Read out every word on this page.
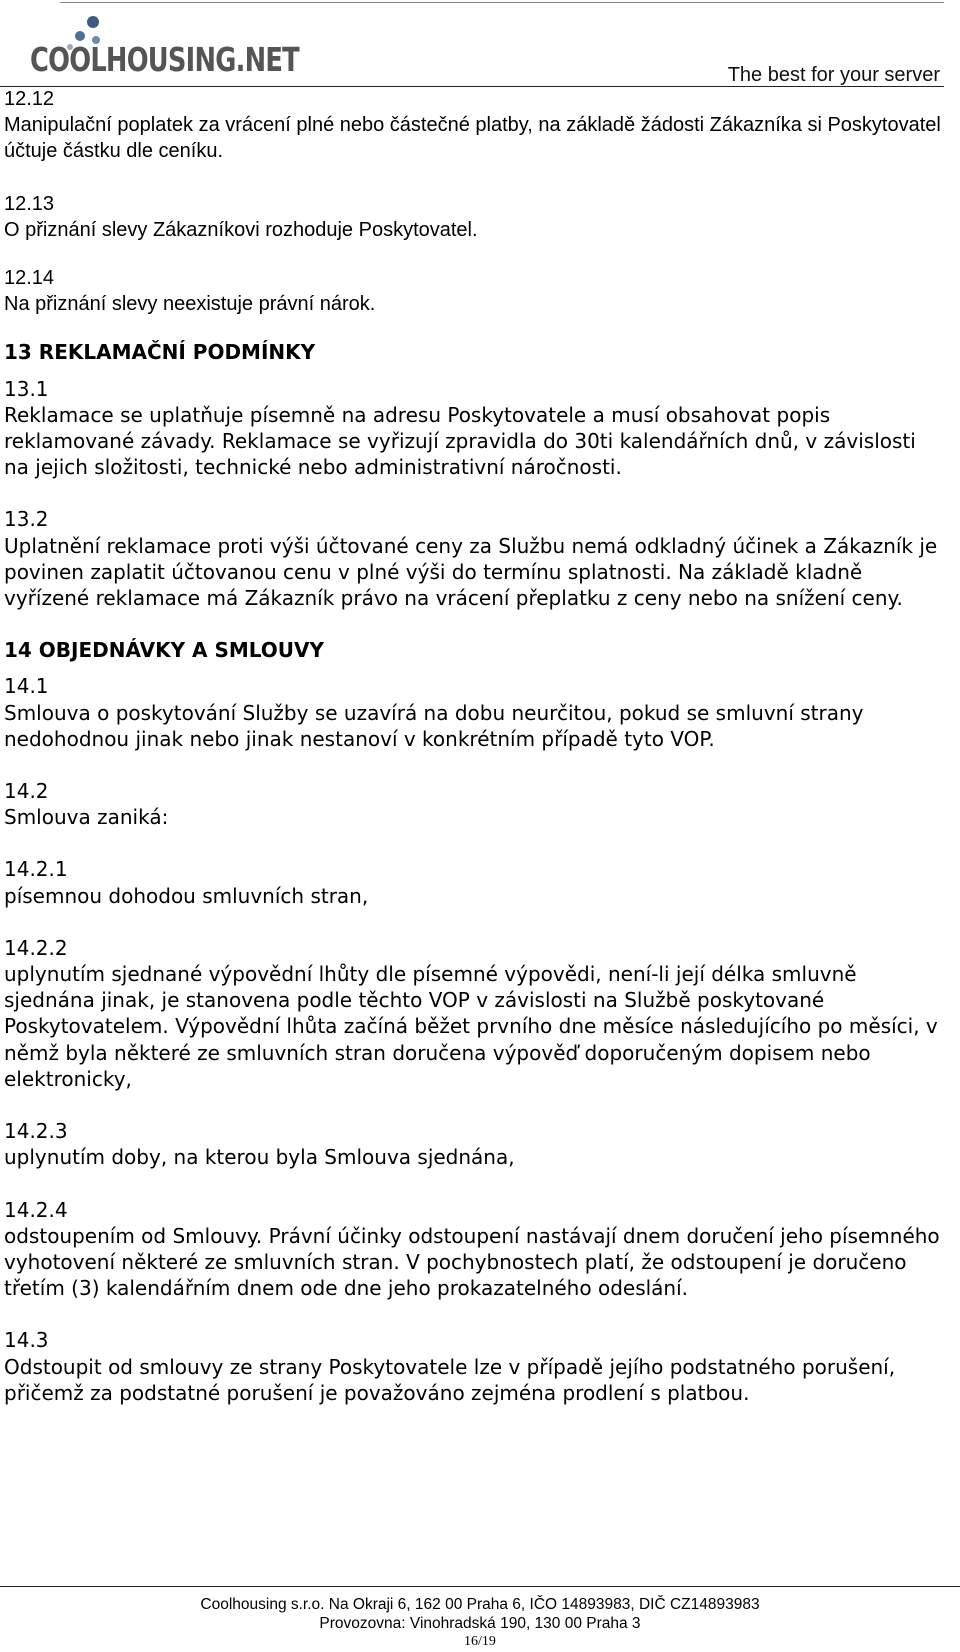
COOLHOUSING.NET	The best for your server

12.12

Manipulační poplatek za vrácení plné nebo částečné platby, na základě žádosti Zákazníka si Poskytovatel účtuje částku dle ceníku.

12.13

O přiznání slevy Zákazníkovi rozhoduje Poskytovatel.

12.14

Na přiznání slevy neexistuje právní nárok.

13 REKLAMAČNÍ PODMÍNKY

13.1

Reklamace se uplatňuje písemně na adresu Poskytovatele a musí obsahovat popis reklamované závady. Reklamace se vyřizují zpravidla do 30ti kalendářních dnů, v závislosti na jejich složitosti, technické nebo administrativní náročnosti.

13.2

Uplatnění reklamace proti výši účtované ceny za Službu nemá odkladný účinek a Zákazník je povinen zaplatit účtovanou cenu v plné výši do termínu splatnosti. Na základě kladně vyřízené reklamace má Zákazník právo na vrácení přeplatku z ceny nebo na snížení ceny.

14 OBJEDNÁVKY A SMLOUVY

14.1

Smlouva o poskytování Služby se uzavírá na dobu neurčitou, pokud se smluvní strany nedohodnou jinak nebo jinak nestanoví v konkrétním případě tyto VOP.

14.2

Smlouva zaniká:

14.2.1

písemnou dohodou smluvních stran,

14.2.2

uplynutím sjednané výpovědní lhůty dle písemné výpovědi, není-li její délka smluvně sjednána jinak, je stanovena podle těchto VOP v závislosti na Službě poskytované Poskytovatelem. Výpovědní lhůta začíná běžet prvního dne měsíce následujícího po měsíci, v němž byla některé ze smluvních stran doručena výpověď doporučeným dopisem nebo elektronicky,

14.2.3

uplynutím doby, na kterou byla Smlouva sjednána,

14.2.4

odstoupením od Smlouvy. Právní účinky odstoupení nastávají dnem doručení jeho písemného vyhotovení některé ze smluvních stran. V pochybnostech platí, že odstoupení je doručeno třetím (3) kalendářním dnem ode dne jeho prokazatelného odeslání.

14.3

Odstoupit od smlouvy ze strany Poskytovatele lze v případě jejího podstatného porušení, přičemž za podstatné porušení je považováno zejména prodlení s platbou.

Coolhousing s.r.o. Na Okraji 6, 162 00 Praha 6, IČO 14893983, DIČ CZ14893983
Provozovna: Vinohradská 190, 130 00 Praha 3
16/19
